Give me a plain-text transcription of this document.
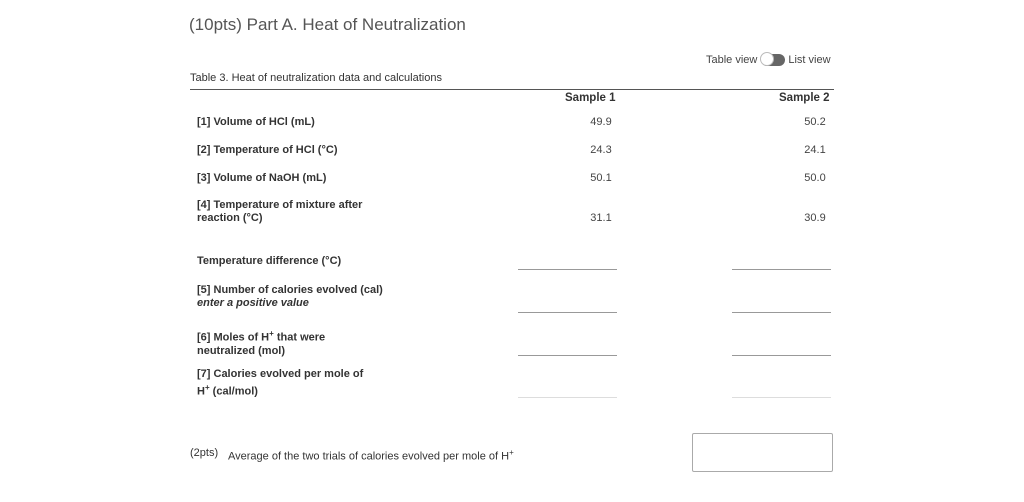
(10pts) Part A. Heat of Neutralization
Table view	List view
Table 3. Heat of neutralization data and calculations
Sample 1	Sample 2
[1] Volume of HCl (mL)	49.9	50.2
[2] Temperature of HCl (°C)	24.3	24.1
[3] Volume of NaOH (mL)	50.1	50.0
[4] Temperature of mixture after
reaction (°C)	31.1	30.9
Temperature difference (°C)
[5] Number of calories evolved (cal)
enter a positive value
[6] Moles of H+ that were
neutralized (mol)
[7] Calories evolved per mole of
H+ (cal/mol)
(2pts) Average of the two trials of calories evolved per mole of H+
